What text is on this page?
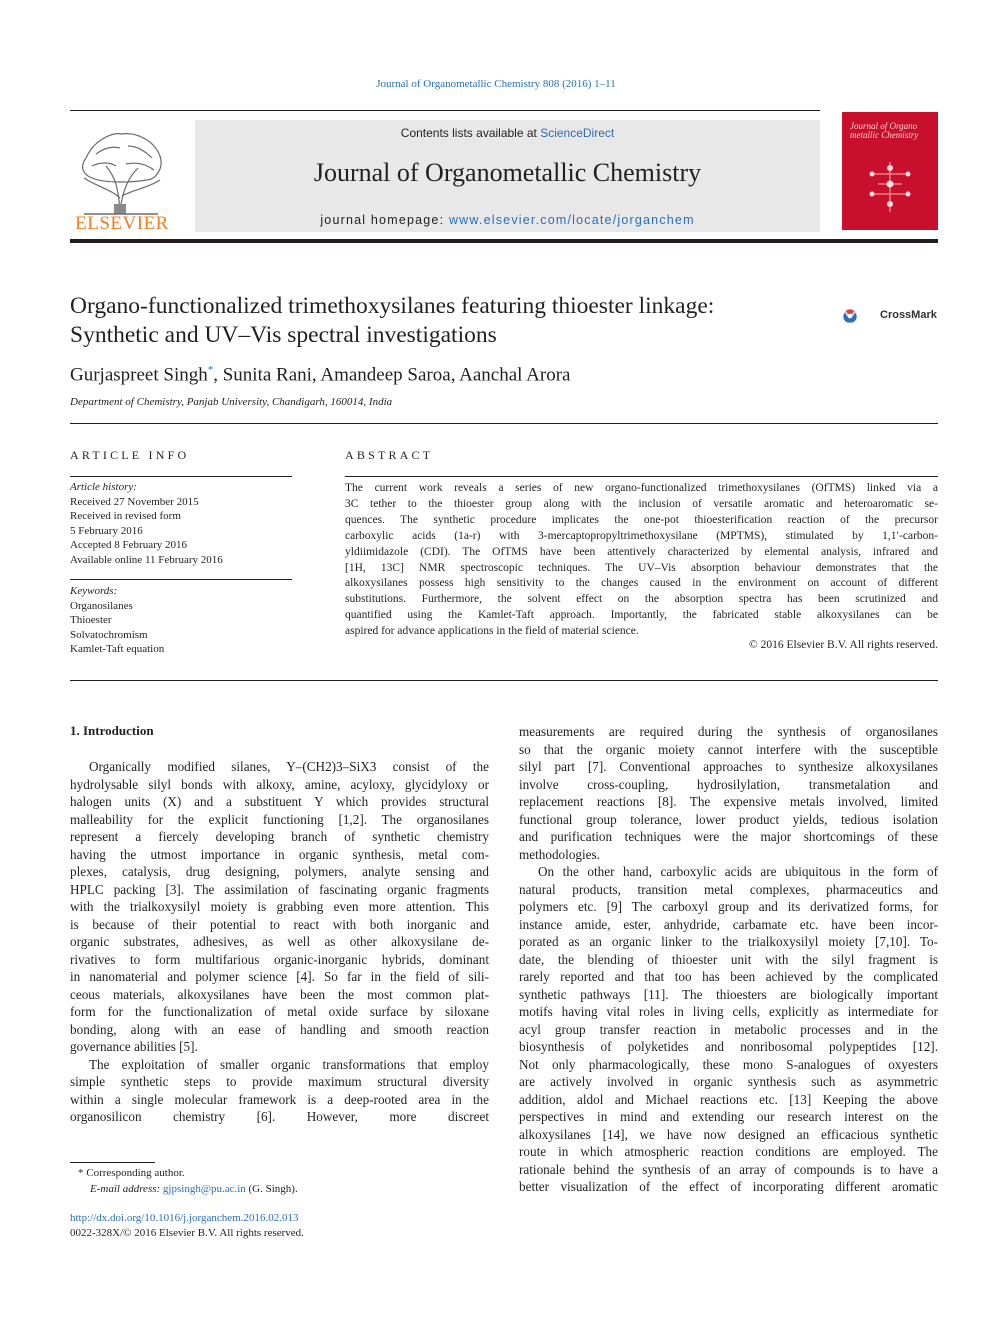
Journal of Organometallic Chemistry 808 (2016) 1–11
ELSEVIER
Contents lists available at ScienceDirect
Journal of Organometallic Chemistry
journal homepage: www.elsevier.com/locate/jorganchem
Journal of Organo metallic Chemistry
Organo-functionalized trimethoxysilanes featuring thioester linkage:
Synthetic and UV–Vis spectral investigations
CrossMark
Gurjaspreet Singh*, Sunita Rani, Amandeep Saroa, Aanchal Arora
Department of Chemistry, Panjab University, Chandigarh, 160014, India
ARTICLE INFO	ABSTRACT
Article history:
Received 27 November 2015
Received in revised form
5 February 2016
Accepted 8 February 2016
Available online 11 February 2016
Keywords:
Organosilanes
Thioester
Solvatochromism
Kamlet-Taft equation
The current work reveals a series of new organo-functionalized trimethoxysilanes (OfTMS) linked via a
3C tether to the thioester group along with the inclusion of versatile aromatic and heteroaromatic se-
quences. The synthetic procedure implicates the one-pot thioesterification reaction of the precursor
carboxylic acids (1a-r) with 3-mercaptopropyltrimethoxysilane (MPTMS), stimulated by 1,1′-carbon-
yldiimidazole (CDI). The OfTMS have been attentively characterized by elemental analysis, infrared and
[1H, 13C] NMR spectroscopic techniques. The UV–Vis absorption behaviour demonstrates that the
alkoxysilanes possess high sensitivity to the changes caused in the environment on account of different
substitutions. Furthermore, the solvent effect on the absorption spectra has been scrutinized and
quantified using the Kamlet-Taft approach. Importantly, the fabricated stable alkoxysilanes can be
aspired for advance applications in the field of material science.
© 2016 Elsevier B.V. All rights reserved.
1. Introduction
Organically modified silanes, Y–(CH2)3–SiX3 consist of the
hydrolysable silyl bonds with alkoxy, amine, acyloxy, glycidyloxy or
halogen units (X) and a substituent Y which provides structural
malleability for the explicit functioning [1,2]. The organosilanes
represent a fiercely developing branch of synthetic chemistry
having the utmost importance in organic synthesis, metal com-
plexes, catalysis, drug designing, polymers, analyte sensing and
HPLC packing [3]. The assimilation of fascinating organic fragments
with the trialkoxysilyl moiety is grabbing even more attention. This
is because of their potential to react with both inorganic and
organic substrates, adhesives, as well as other alkoxysilane de-
rivatives to form multifarious organic-inorganic hybrids, dominant
in nanomaterial and polymer science [4]. So far in the field of sili-
ceous materials, alkoxysilanes have been the most common plat-
form for the functionalization of metal oxide surface by siloxane
bonding, along with an ease of handling and smooth reaction
governance abilities [5].
The exploitation of smaller organic transformations that employ
simple synthetic steps to provide maximum structural diversity
within a single molecular framework is a deep-rooted area in the
organosilicon chemistry [6]. However, more discreet
measurements are required during the synthesis of organosilanes
so that the organic moiety cannot interfere with the susceptible
silyl part [7]. Conventional approaches to synthesize alkoxysilanes
involve cross-coupling, hydrosilylation, transmetalation and
replacement reactions [8]. The expensive metals involved, limited
functional group tolerance, lower product yields, tedious isolation
and purification techniques were the major shortcomings of these
methodologies.
On the other hand, carboxylic acids are ubiquitous in the form of
natural products, transition metal complexes, pharmaceutics and
polymers etc. [9] The carboxyl group and its derivatized forms, for
instance amide, ester, anhydride, carbamate etc. have been incor-
porated as an organic linker to the trialkoxysilyl moiety [7,10]. To-
date, the blending of thioester unit with the silyl fragment is
rarely reported and that too has been achieved by the complicated
synthetic pathways [11]. The thioesters are biologically important
motifs having vital roles in living cells, explicitly as intermediate for
acyl group transfer reaction in metabolic processes and in the
biosynthesis of polyketides and nonribosomal polypeptides [12].
Not only pharmacologically, these mono S-analogues of oxyesters
are actively involved in organic synthesis such as asymmetric
addition, aldol and Michael reactions etc. [13] Keeping the above
perspectives in mind and extending our research interest on the
alkoxysilanes [14], we have now designed an efficacious synthetic
route in which atmospheric reaction conditions are employed. The
rationale behind the synthesis of an array of compounds is to have a
better visualization of the effect of incorporating different aromatic
* Corresponding author.
E-mail address: gjpsingh@pu.ac.in (G. Singh).
http://dx.doi.org/10.1016/j.jorganchem.2016.02.013
0022-328X/© 2016 Elsevier B.V. All rights reserved.
